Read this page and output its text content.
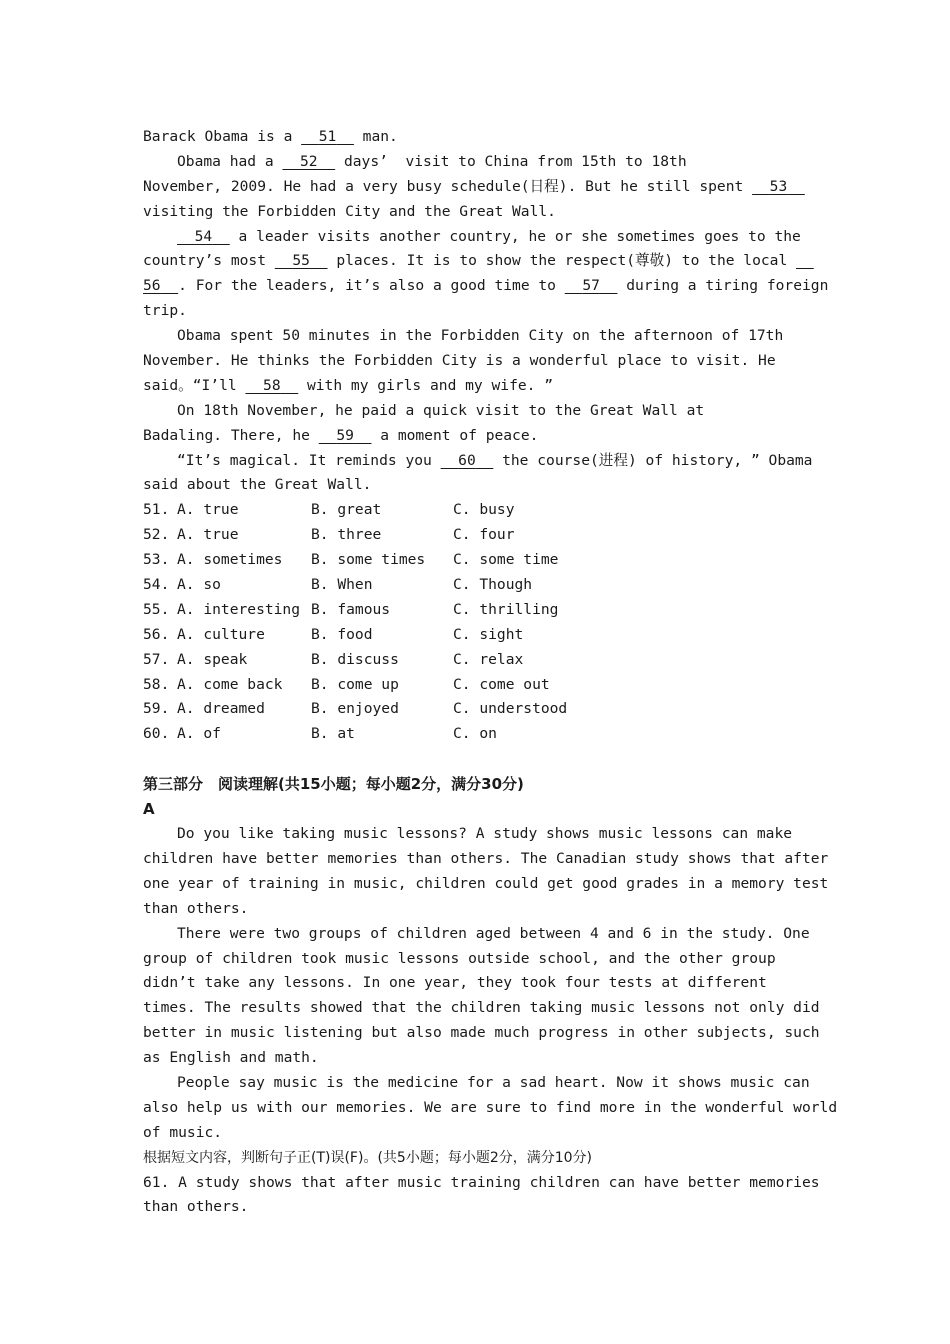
Barack Obama is a   51   man.
Obama had a   52   days’  visit to China from 15th to 18th
November, 2009. He had a very busy schedule(日程). But he still spent   53
visiting the Forbidden City and the Great Wall.
54   a leader visits another country, he or she sometimes goes to the
country’s most   55   places. It is to show the respect(尊敬) to the local __
56 . For the leaders, it’s also a good time to   57   during a tiring foreign
trip.
Obama spent 50 minutes in the Forbidden City on the afternoon of 17th
November. He thinks the Forbidden City is a wonderful place to visit. He
said。“I’ll   58   with my girls and my wife. ”
On 18th November, he paid a quick visit to the Great Wall at
Badaling. There, he   59   a moment of peace.
“It’s magical. It reminds you   60   the course(进程) of history, ” Obama
said about the Great Wall.
51. A. true	B. great	C. busy
52. A. true	B. three	C. four
53. A. sometimes B. some times C. some time
54. A. so	B. When	C. Though
55. A. interesting B. famous	C. thrilling
56. A. culture	B. food	C. sight
57. A. speak	B. discuss	C. relax
58. A. come back B. come up	C. come out
59. A. dreamed	B. enjoyed	C. understood
60. A. of	B. at	C. on
第三部分　阅读理解(共15小题；每小题2分，满分30分)
A
Do you like taking music lessons? A study shows music lessons can make
children have better memories than others. The Canadian study shows that after
one year of training in music, children could get good grades in a memory test
than others.
There were two groups of children aged between 4 and 6 in the study. One
group of children took music lessons outside school, and the other group
didn’t take any lessons. In one year, they took four tests at different
times. The results showed that the children taking music lessons not only did
better in music listening but also made much progress in other subjects, such
as English and math.
People say music is the medicine for a sad heart. Now it shows music can
also help us with our memories. We are sure to find more in the wonderful world
of music.
根据短文内容，判断句子正(T)误(F)。(共5小题；每小题2分，满分10分)
61. A study shows that after music training children can have better memories
than others.
